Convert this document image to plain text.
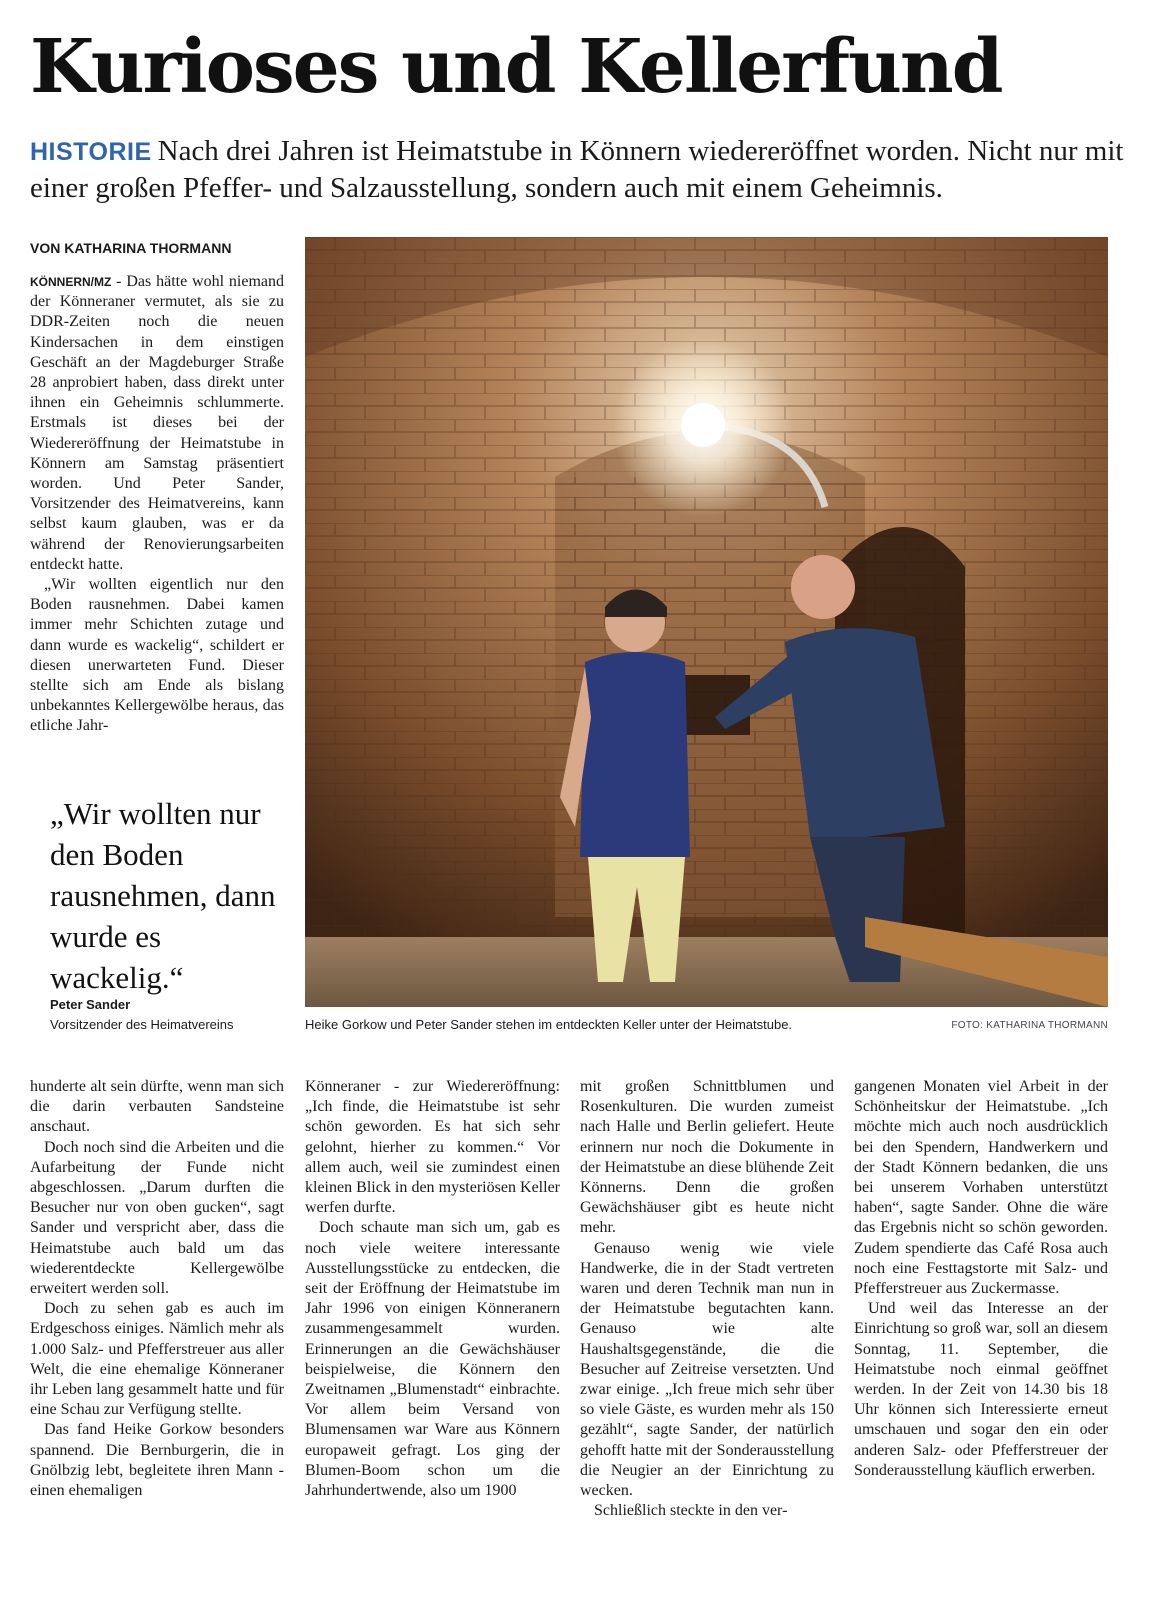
Kurioses und Kellerfund
HISTORIE Nach drei Jahren ist Heimatstube in Könnern wiedereröffnet worden. Nicht nur mit einer großen Pfeffer- und Salzausstellung, sondern auch mit einem Geheimnis.
VON KATHARINA THORMANN

KÖNNERN/MZ - Das hätte wohl niemand der Könneraner vermutet, als sie zu DDR-Zeiten noch die neuen Kindersachen in dem einstigen Geschäft an der Magdeburger Straße 28 anprobiert haben, dass direkt unter ihnen ein Geheimnis schlummerte. Erstmals ist dieses bei der Wiedereröffnung der Heimatstube in Könnern am Samstag präsentiert worden. Und Peter Sander, Vorsitzender des Heimatvereins, kann selbst kaum glauben, was er da während der Renovierungsarbeiten entdeckt hatte.

„Wir wollten eigentlich nur den Boden rausnehmen. Dabei kamen immer mehr Schichten zutage und dann wurde es wackelig“, schildert er diesen unerwarteten Fund. Dieser stellte sich am Ende als bislang unbekanntes Kellergewölbe heraus, das etliche Jahr-

„Wir wollten nur den Boden rausnehmen, dann wurde es wackelig.“
Peter Sander
Vorsitzender des Heimatvereins	Heike Gorkow und Peter Sander stehen im entdeckten Keller unter der Heimatstube.	FOTO: KATHARINA THORMANN

hunderte alt sein dürfte, wenn man sich die darin verbauten Sandsteine anschaut.

Doch noch sind die Arbeiten und die Aufarbeitung der Funde nicht abgeschlossen. „Darum durften die Besucher nur von oben gucken“, sagt Sander und verspricht aber, dass die Heimatstube auch bald um das wiederentdeckte Kellergewölbe erweitert werden soll.

Doch zu sehen gab es auch im Erdgeschoss einiges. Nämlich mehr als 1.000 Salz- und Pfefferstreuer aus aller Welt, die eine ehemalige Könneraner ihr Leben lang gesammelt hatte und für eine Schau zur Verfügung stellte.

Das fand Heike Gorkow besonders spannend. Die Bernburgerin, die in Gnölbzig lebt, begleitete ihren Mann - einen ehemaligen

Könneraner - zur Wiedereröffnung: „Ich finde, die Heimatstube ist sehr schön geworden. Es hat sich sehr gelohnt, hierher zu kommen.“ Vor allem auch, weil sie zumindest einen kleinen Blick in den mysteriösen Keller werfen durfte.

Doch schaute man sich um, gab es noch viele weitere interessante Ausstellungsstücke zu entdecken, die seit der Eröffnung der Heimatstube im Jahr 1996 von einigen Könneranern zusammengesammelt wurden. Erinnerungen an die Gewächshäuser beispielweise, die Könnern den Zweitnamen „Blumenstadt“ einbrachte. Vor allem beim Versand von Blumensamen war Ware aus Könnern europaweit gefragt. Los ging der Blumen-Boom schon um die Jahrhundertwende, also um 1900

mit großen Schnittblumen und Rosenkulturen. Die wurden zumeist nach Halle und Berlin geliefert. Heute erinnern nur noch die Dokumente in der Heimatstube an diese blühende Zeit Könnerns. Denn die großen Gewächshäuser gibt es heute nicht mehr.

Genauso wenig wie viele Handwerke, die in der Stadt vertreten waren und deren Technik man nun in der Heimatstube begutachten kann. Genauso wie alte Haushaltsgegenstände, die die Besucher auf Zeitreise versetzten. Und zwar einige. „Ich freue mich sehr über so viele Gäste, es wurden mehr als 150 gezählt“, sagte Sander, der natürlich gehofft hatte mit der Sonderausstellung die Neugier an der Einrichtung zu wecken.

Schließlich steckte in den ver-

gangenen Monaten viel Arbeit in der Schönheitskur der Heimatstube. „Ich möchte mich auch noch ausdrücklich bei den Spendern, Handwerkern und der Stadt Könnern bedanken, die uns bei unserem Vorhaben unterstützt haben“, sagte Sander. Ohne die wäre das Ergebnis nicht so schön geworden. Zudem spendierte das Café Rosa auch noch eine Festtagstorte mit Salz- und Pfefferstreuer aus Zuckermasse.

Und weil das Interesse an der Einrichtung so groß war, soll an diesem Sonntag, 11. September, die Heimatstube noch einmal geöffnet werden. In der Zeit von 14.30 bis 18 Uhr können sich Interessierte erneut umschauen und sogar den ein oder anderen Salz- oder Pfefferstreuer der Sonderausstellung käuflich erwerben.
